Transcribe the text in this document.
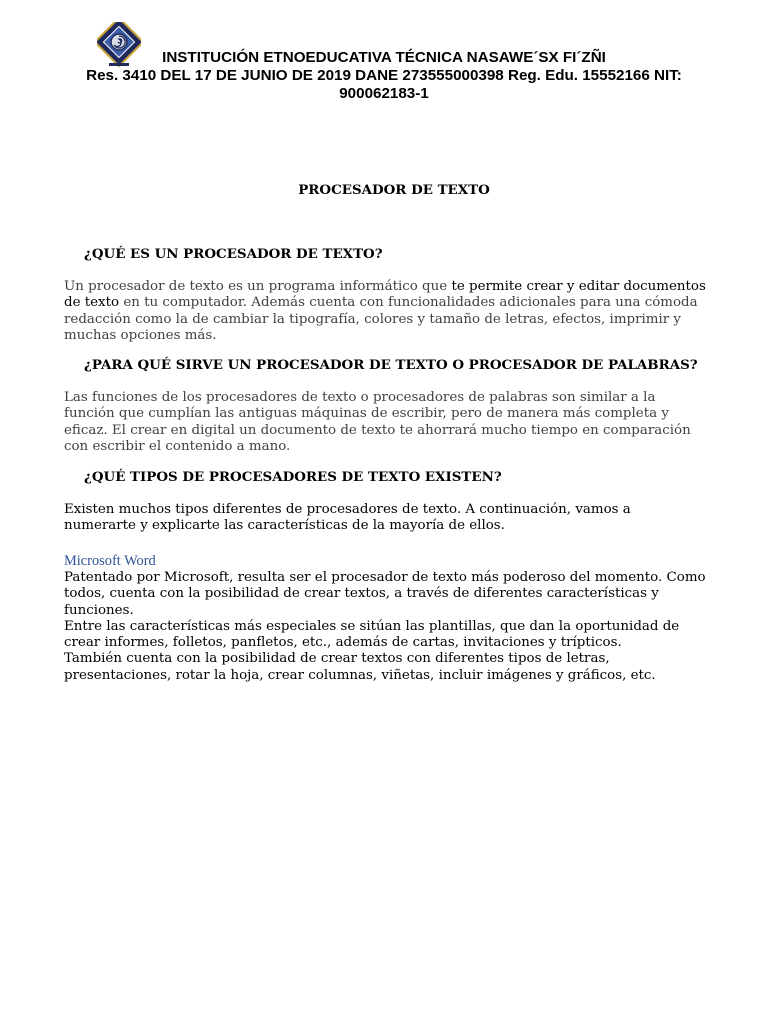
INSTITUCIÓN ETNOEDUCATIVA TÉCNICA NASAWE´SX FI´ZÑI
Res. 3410 DEL 17 DE JUNIO DE 2019 DANE 273555000398 Reg. Edu. 15552166 NIT:
900062183-1
PROCESADOR DE TEXTO
¿QUÉ ES UN PROCESADOR DE TEXTO?
Un procesador de texto es un programa informático que te permite crear y editar documentos
de texto en tu computador. Además cuenta con funcionalidades adicionales para una cómoda
redacción como la de cambiar la tipografía, colores y tamaño de letras, efectos, imprimir y
muchas opciones más.
¿PARA QUÉ SIRVE UN PROCESADOR DE TEXTO O PROCESADOR DE PALABRAS?
Las funciones de los procesadores de texto o procesadores de palabras son similar a la
función que cumplían las antiguas máquinas de escribir, pero de manera más completa y
eficaz. El crear en digital un documento de texto te ahorrará mucho tiempo en comparación
con escribir el contenido a mano.
¿QUÉ TIPOS DE PROCESADORES DE TEXTO EXISTEN?
Existen muchos tipos diferentes de procesadores de texto. A continuación, vamos a
numerarte y explicarte las características de la mayoría de ellos.
Microsoft Word
Patentado por Microsoft, resulta ser el procesador de texto más poderoso del momento. Como
todos, cuenta con la posibilidad de crear textos, a través de diferentes características y
funciones.
Entre las características más especiales se sitúan las plantillas, que dan la oportunidad de
crear informes, folletos, panfletos, etc., además de cartas, invitaciones y trípticos.
También cuenta con la posibilidad de crear textos con diferentes tipos de letras,
presentaciones, rotar la hoja, crear columnas, viñetas, incluir imágenes y gráficos, etc.
